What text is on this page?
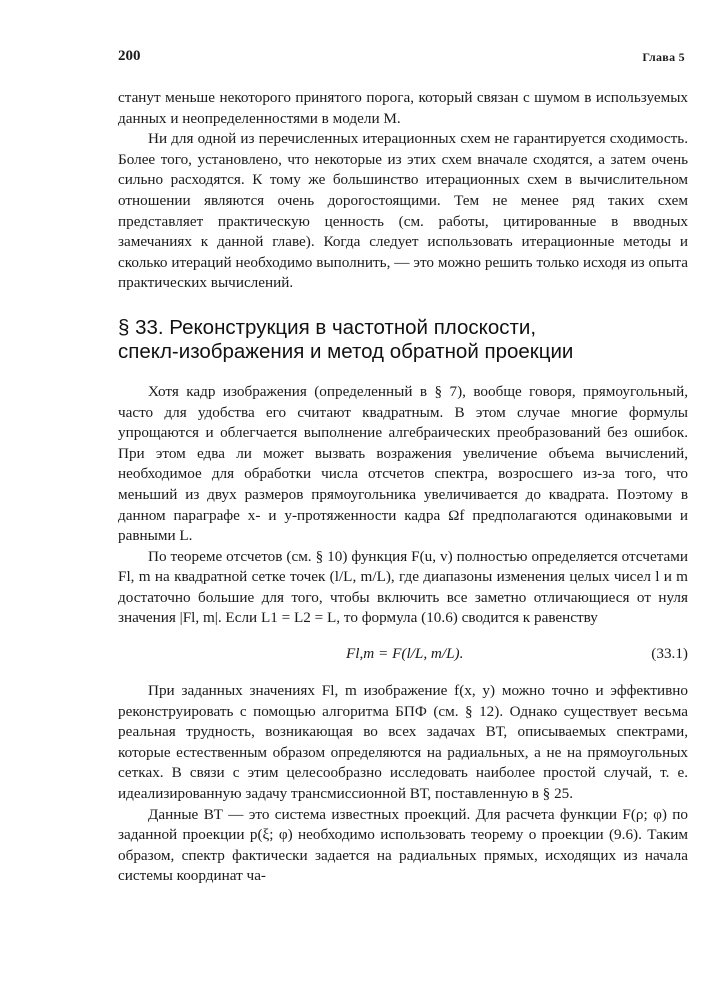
200	Глава 5

станут меньше некоторого принятого порога, который связан с шумом в используемых данных и неопределенностями в модели M.

Ни для одной из перечисленных итерационных схем не гарантируется сходимость. Более того, установлено, что некоторые из этих схем вначале сходятся, а затем очень сильно расходятся. К тому же большинство итерационных схем в вычислительном отношении являются очень дорогостоящими. Тем не менее ряд таких схем представляет практическую ценность (см. работы, цитированные в вводных замечаниях к данной главе). Когда следует использовать итерационные методы и сколько итераций необходимо выполнить, — это можно решить только исходя из опыта практических вычислений.

§ 33. Реконструкция в частотной плоскости,
спекл-изображения и метод обратной проекции

Хотя кадр изображения (определенный в § 7), вообще говоря, прямоугольный, часто для удобства его считают квадратным. В этом случае многие формулы упрощаются и облегчается выполнение алгебраических преобразований без ошибок. При этом едва ли может вызвать возражения увеличение объема вычислений, необходимое для обработки числа отсчетов спектра, возросшего из-за того, что меньший из двух размеров прямоугольника увеличивается до квадрата. Поэтому в данном параграфе x- и y-протяженности кадра Ωf предполагаются одинаковыми и равными L.

По теореме отсчетов (см. § 10) функция F(u, v) полностью определяется отсчетами Fl, m на квадратной сетке точек (l/L, m/L), где диапазоны изменения целых чисел l и m достаточно большие для того, чтобы включить все заметно отличающиеся от нуля значения |Fl, m|. Если L1 = L2 = L, то формула (10.6) сводится к равенству

Fl,m = F(l/L, m/L).	(33.1)

При заданных значениях Fl, m изображение f(x, y) можно точно и эффективно реконструировать с помощью алгоритма БПФ (см. § 12). Однако существует весьма реальная трудность, возникающая во всех задачах ВТ, описываемых спектрами, которые естественным образом определяются на радиальных, а не на прямоугольных сетках. В связи с этим целесообразно исследовать наиболее простой случай, т. е. идеализированную задачу трансмиссионной ВТ, поставленную в § 25.

Данные ВТ — это система известных проекций. Для расчета функции F(ρ; φ) по заданной проекции p(ξ; φ) необходимо использовать теорему о проекции (9.6). Таким образом, спектр фактически задается на радиальных прямых, исходящих из начала системы координат ча-
